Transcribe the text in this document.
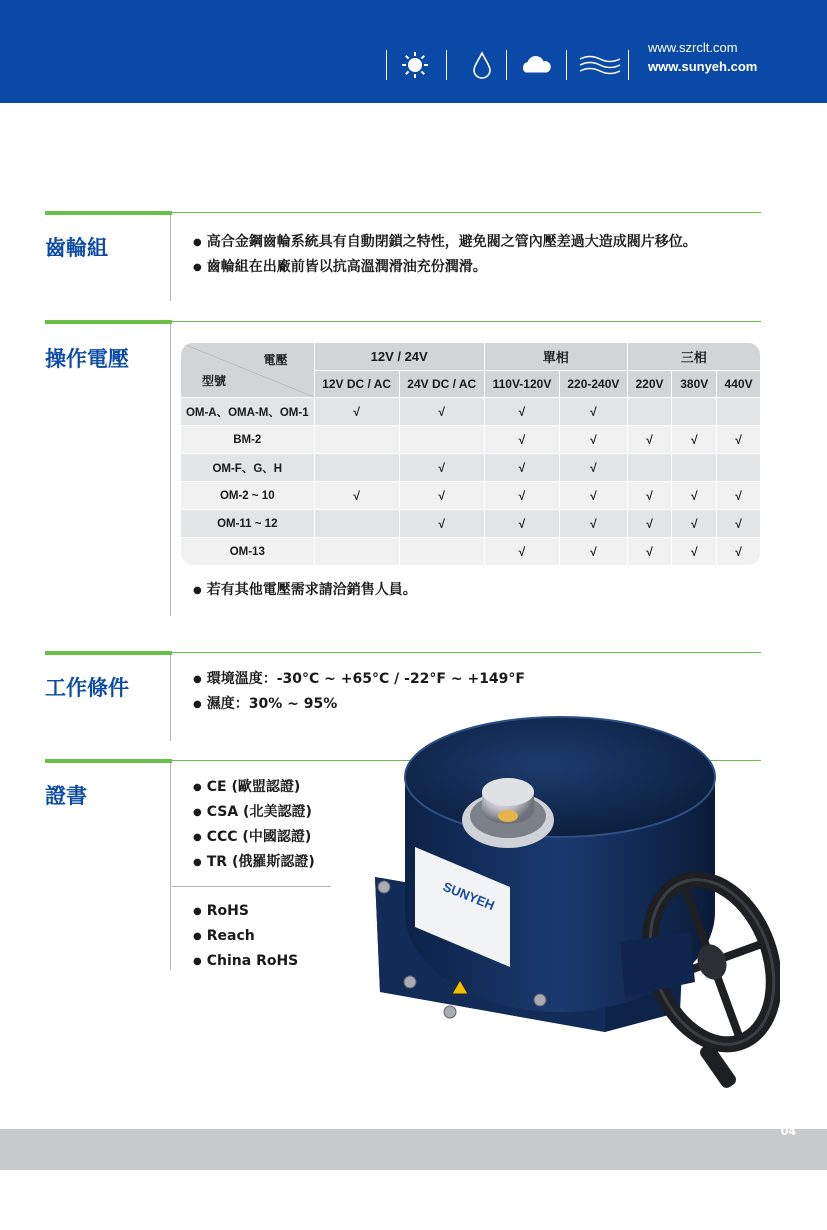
www.szrclt.com
www.sunyeh.com
齒輪組	● 高合金鋼齒輪系統具有自動閉鎖之特性，避免閥之管內壓差過大造成閥片移位。
● 齒輪組在出廠前皆以抗高溫潤滑油充份潤滑。
操作電壓	電壓
型號	12V / 24V		單相		三相		
	12V DC / AC	24V DC / AC	110V-120V	220-240V	220V	380V	440V
OM-A、OMA-M、OM-1	√	√	√	√			
BM-2			√	√	√	√	√
OM-F、G、H		√	√	√			
OM-2 ~ 10	√	√	√	√	√	√	√
OM-11 ~ 12		√	√	√	√	√	√
OM-13			√	√	√	√	√
● 若有其他電壓需求請洽銷售人員。
工作條件	● 環境溫度：-30°C ~ +65°C / -22°F ~ +149°F
● 濕度：30% ~ 95%
證書	● CE (歐盟認證)
● CSA (北美認證)
● CCC (中國認證)
● TR (俄羅斯認證)
● RoHS
● Reach
● China RoHS
SUNYEH
04
